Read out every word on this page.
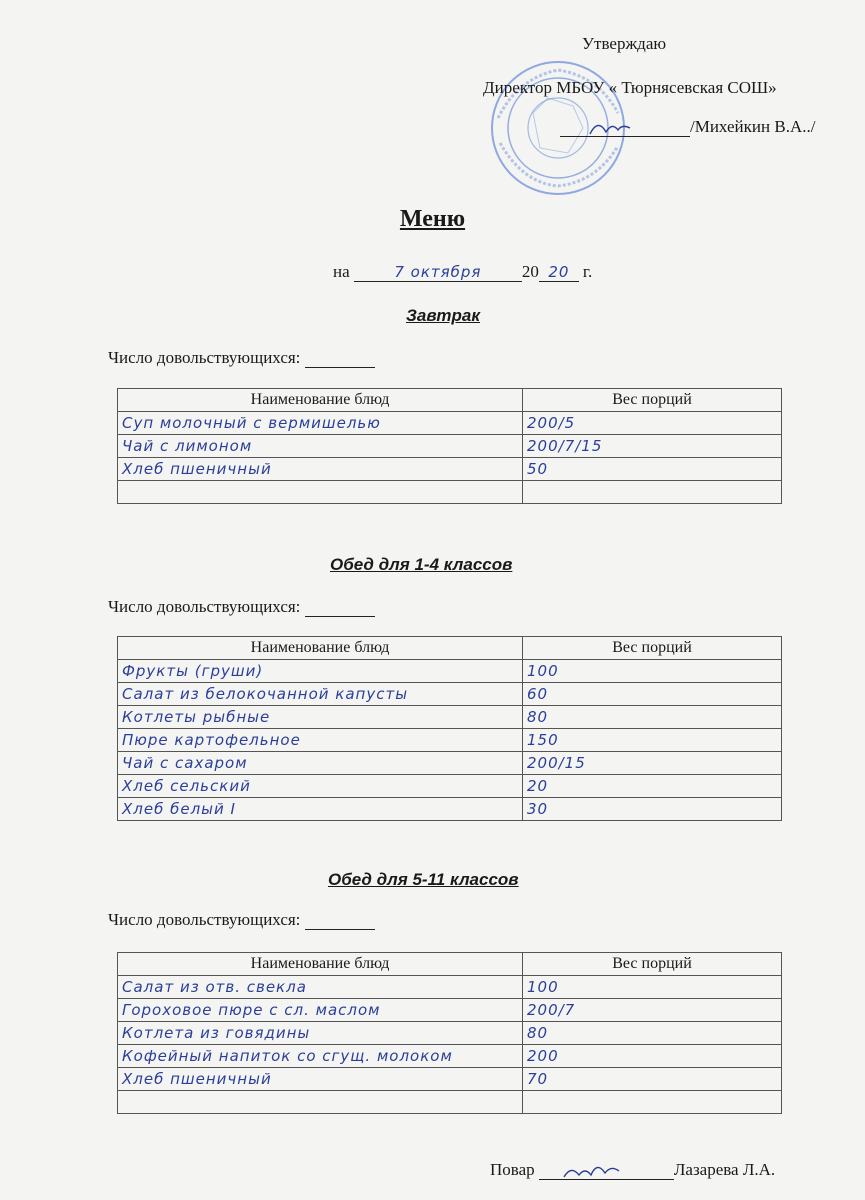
Утверждаю
Директор МБОУ « Тюрнясевская СОШ»
/Михейкин В.А../
Меню
на	7 октября 20 20 г.
Завтрак
Число довольствующихся:
Наименование блюд	Вес порций
Суп молочный с вермишелью	200/5
Чай с лимоном	200/7/15
Хлеб пшеничный	50

Обед для 1-4 классов
Число довольствующихся:
Наименование блюд	Вес порций
Фрукты (груши)	100
Салат из белокочанной капусты	60
Котлеты рыбные	80
Пюре картофельное	150
Чай с сахаром	200/15
Хлеб сельский	20
Хлеб белый I	30
Обед для 5-11 классов
Число довольствующихся:
Наименование блюд	Вес порций
Салат из отв. свекла	100
Гороховое пюре с сл. маслом	200/7
Котлета из говядины	80
Кофейный напиток со сгущ. молоком	200
Хлеб пшеничный	70

Повар	Лазарева Л.А.
